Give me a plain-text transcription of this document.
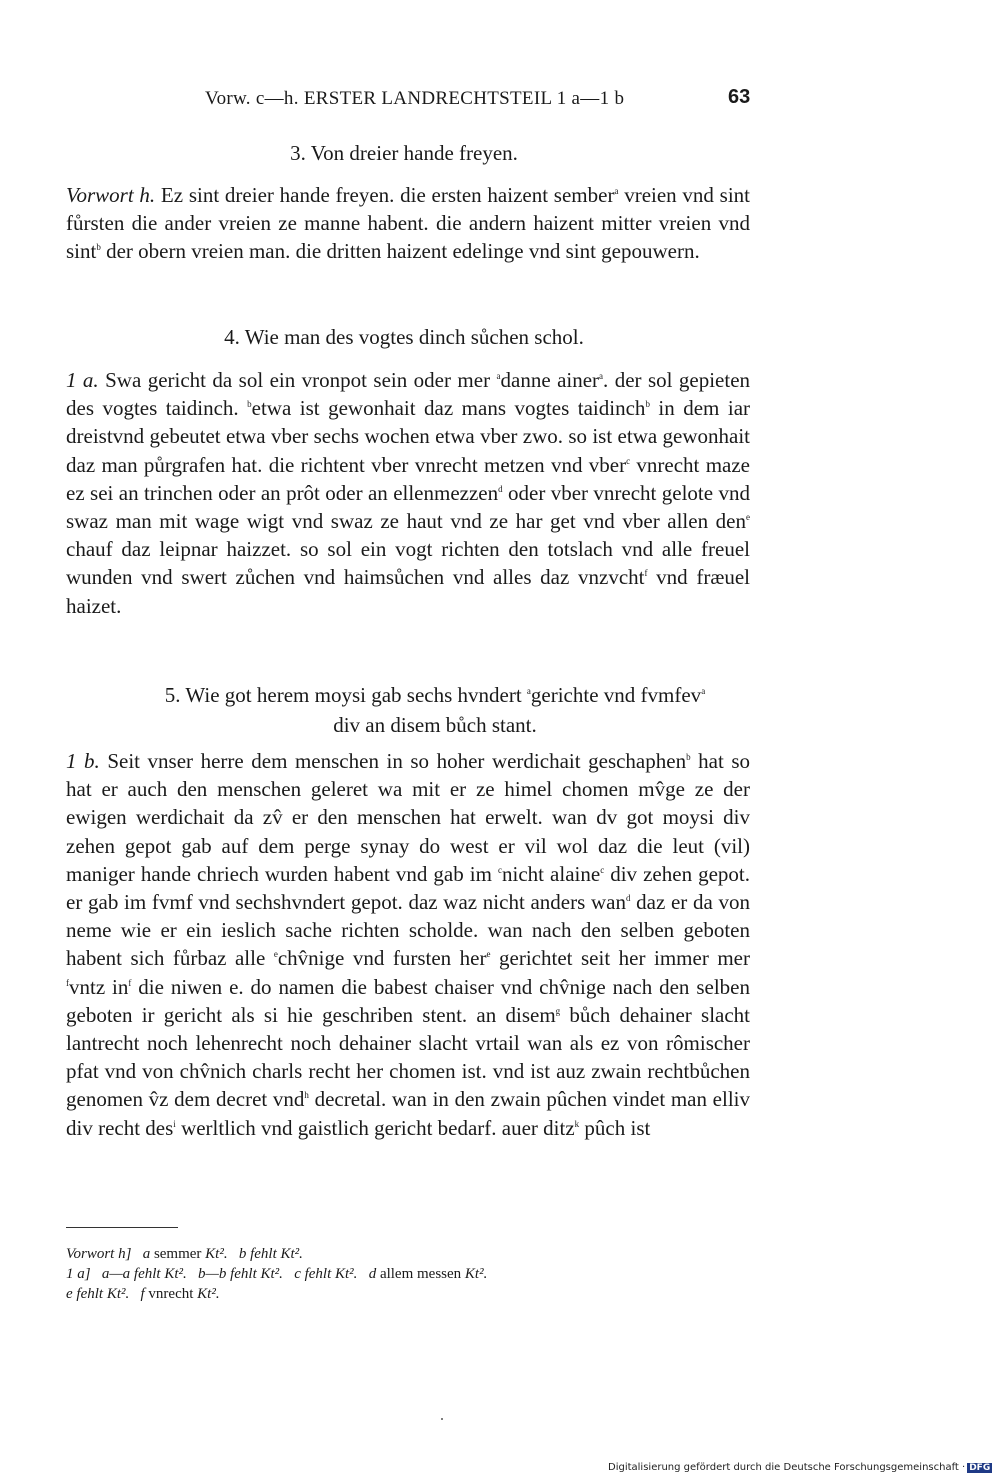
Vorw. c—h. ERSTER LANDRECHTSTEIL 1 a—1 b	63
3. Von dreier hande freyen.
Vorwort h. Ez sint dreier hande freyen. die ersten haizent sember$^a$ vreien vnd sint fůrsten die ander vreien ze manne habent. die andern haizent mitter vreien vnd sint$^b$ der obern vreien man. die dritten haizent edelinge vnd sint gepouwern.
4. Wie man des vogtes dinch sůchen schol.
1 a. Swa gericht da sol ein vronpot sein oder mer $^a$danne ainer$^a$. der sol gepieten des vogtes taidinch. $^b$etwa ist gewonhait daz mans vogtes taidinch$^b$ in dem iar dreistvnd gebeutet etwa vber sechs wochen etwa vber zwo. so ist etwa gewonhait daz man půrgrafen hat. die richtent vber vnrecht metzen vnd vber$^c$ vnrecht maze ez sei an trinchen oder an prôt oder an ellenmezzen$^d$ oder vber vnrecht gelote vnd swaz man mit wage wigt vnd swaz ze haut vnd ze har get vnd vber allen den$^e$ chauf daz leipnar haizzet. so sol ein vogt richten den totslach vnd alle freuel wunden vnd swert zůchen vnd haimsůchen vnd alles daz vnzvcht$^f$ vnd fræuel haizet.
5. Wie got herem moysi gab sechs hvndert $^a$gerichte vnd fvmfev$^a$
div an disem bůch stant.
1 b. Seit vnser herre dem menschen in so hoher werdichait geschaphen$^b$ hat so hat er auch den menschen geleret wa mit er ze himel chomen mv̂ge ze der ewigen werdichait da zv̂ er den menschen hat erwelt. wan dv got moysi div zehen gepot gab auf dem perge synay do west er vil wol daz die leut (vil) maniger hande chriech wurden habent vnd gab im $^c$nicht alaine$^c$ div zehen gepot. er gab im fvmf vnd sechshvndert gepot. daz waz nicht anders wan$^d$ daz er da von neme wie er ein ieslich sache richten scholde. wan nach den selben geboten habent sich fůrbaz alle $^e$chv̂nige vnd fursten her$^e$ gerichtet seit her immer mer $^f$vntz $in^f$ die niwen e. do namen die babest chaiser vnd chv̂nige nach den selben geboten ir gericht als si hie geschriben stent. an disem$^g$ bůch dehainer slacht lantrecht noch lehenrecht noch dehainer slacht vrtail wan als ez von rômischer pfat vnd von chv̂nich charls recht her chomen ist. vnd ist auz zwain rechtbůchen genomen v̂z dem decret vnd$^h$ decretal. wan in den zwain pûchen vindet man elliv div recht des$^i$ werltlich vnd gaistlich gericht bedarf. auer ditz$^k$ pûch ist
Vorwort h] a semmer Kt². b fehlt Kt².
1 a] a—a fehlt Kt². b—b fehlt Kt². c fehlt Kt². d allem messen Kt².
e fehlt Kt². f vnrecht Kt².
Digitalisierung gefördert durch die Deutsche Forschungsgemeinschaft · DFG
